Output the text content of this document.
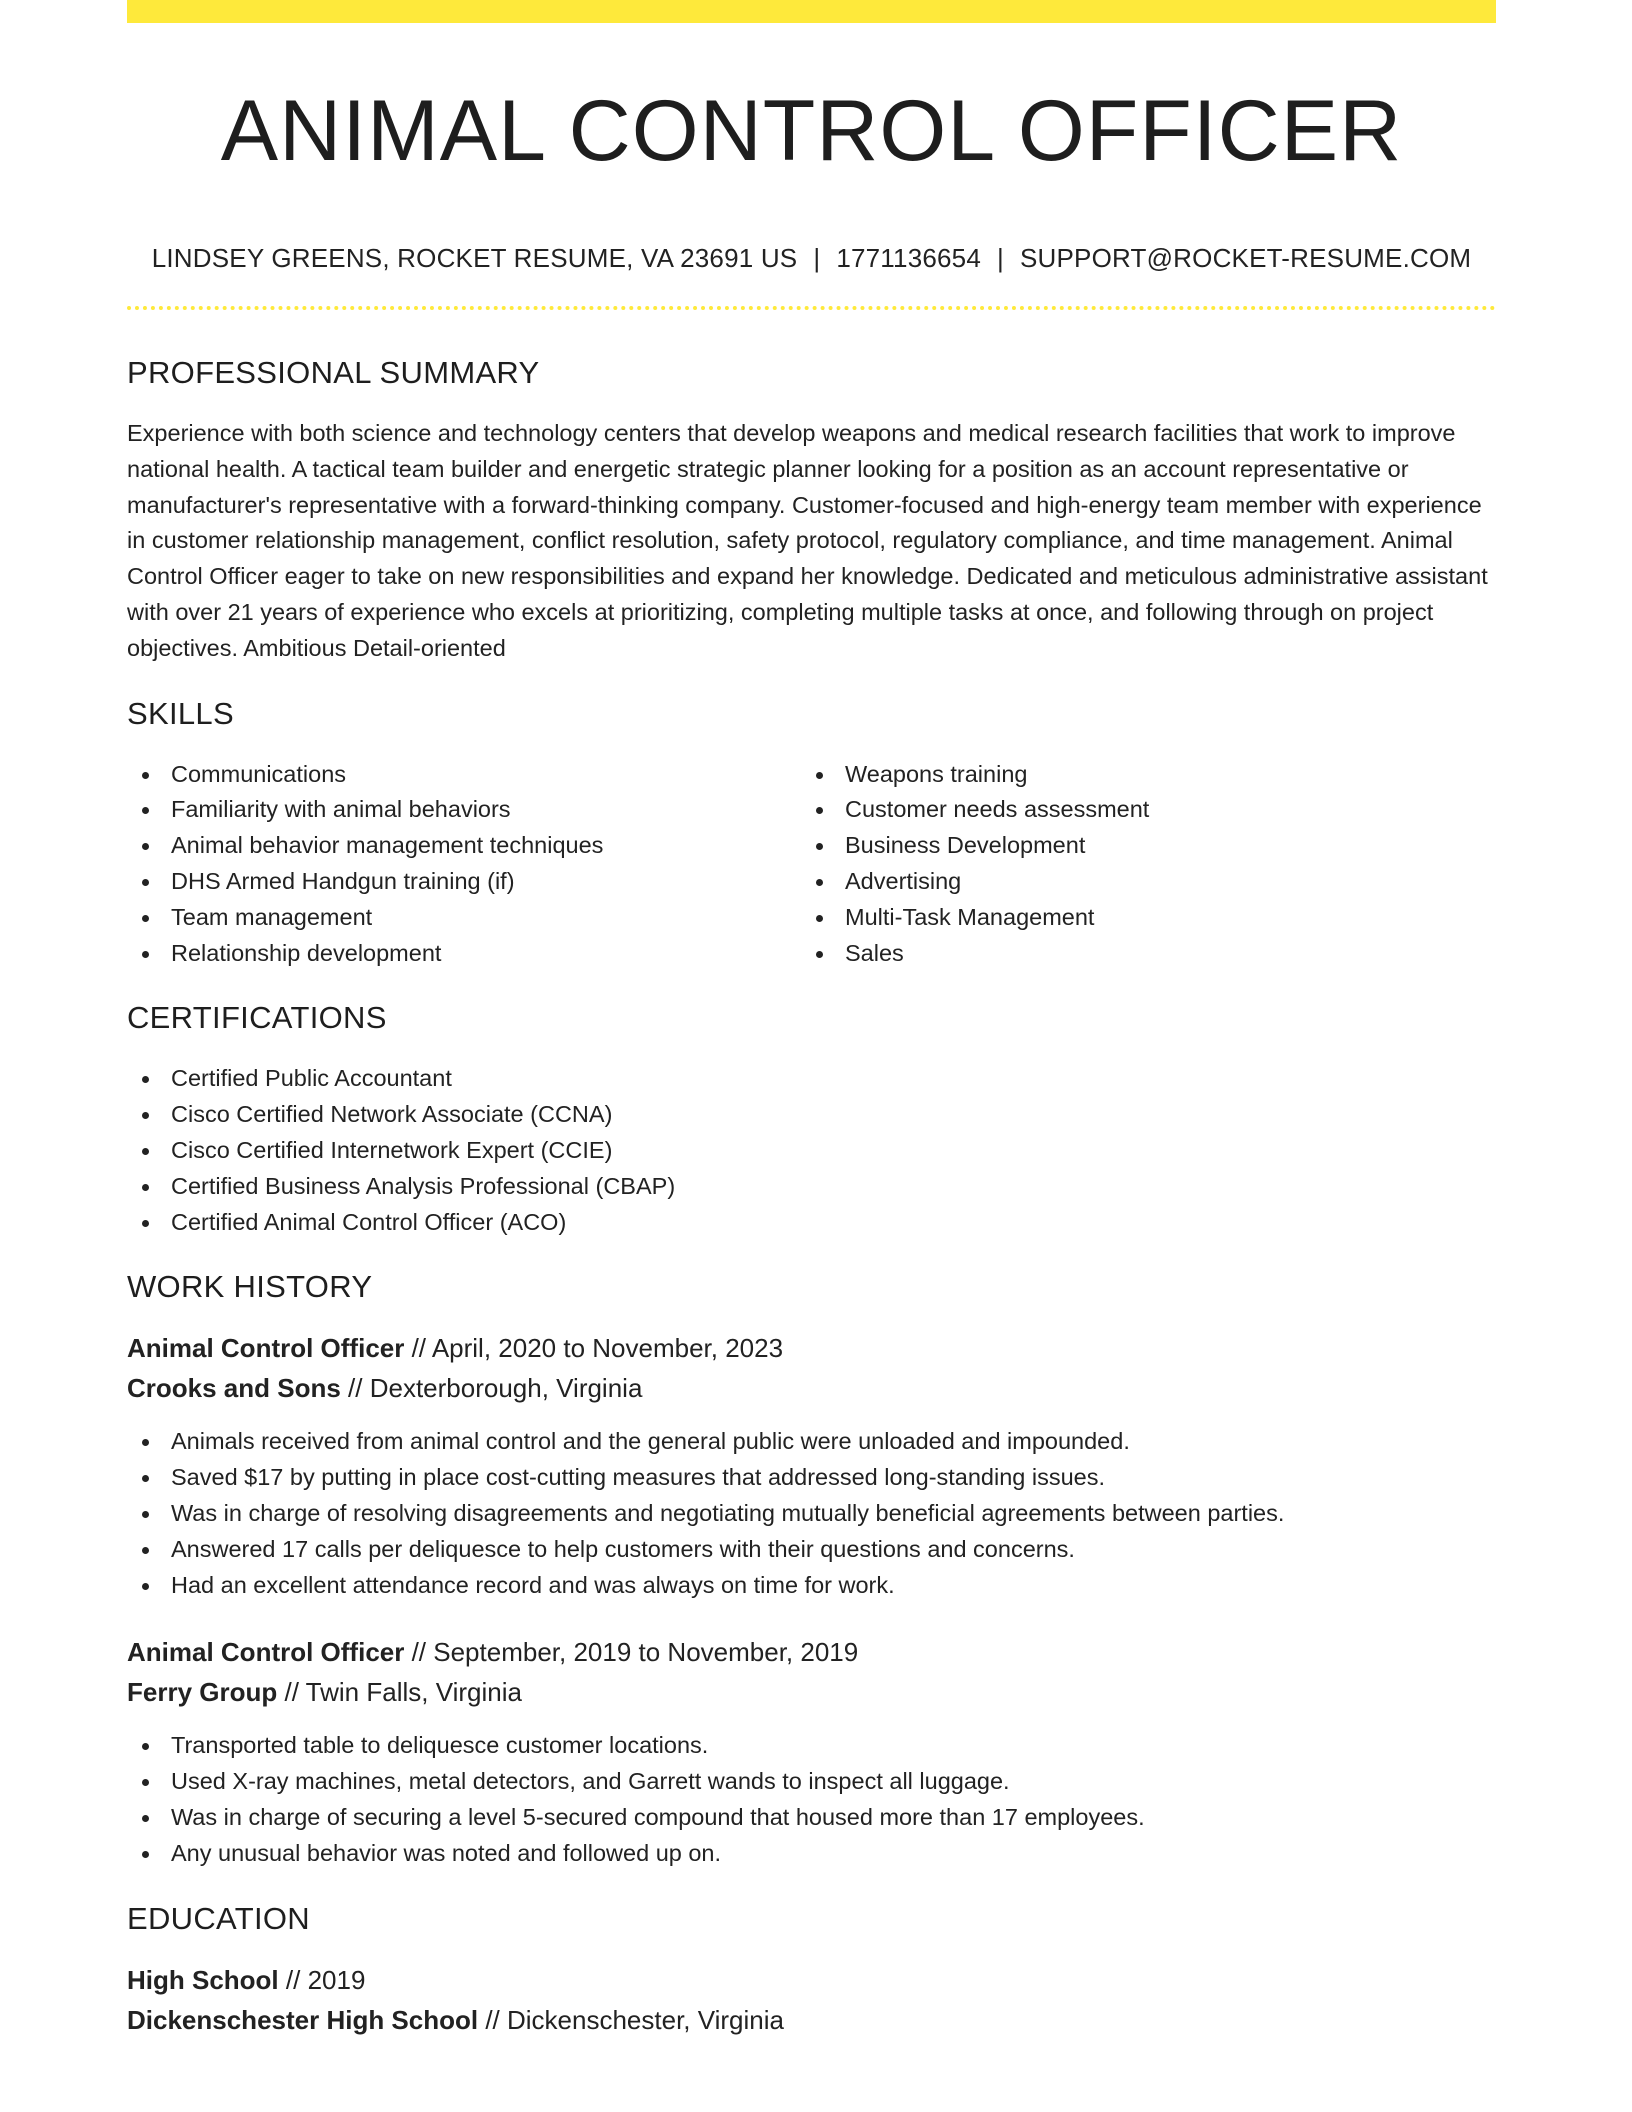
ANIMAL CONTROL OFFICER
LINDSEY GREENS, ROCKET RESUME, VA 23691 US | 1771136654 | SUPPORT@ROCKET-RESUME.COM
PROFESSIONAL SUMMARY

Experience with both science and technology centers that develop weapons and medical research facilities that work to improve national health. A tactical team builder and energetic strategic planner looking for a position as an account representative or manufacturer's representative with a forward-thinking company. Customer-focused and high-energy team member with experience in customer relationship management, conflict resolution, safety protocol, regulatory compliance, and time management. Animal Control Officer eager to take on new responsibilities and expand her knowledge. Dedicated and meticulous administrative assistant with over 21 years of experience who excels at prioritizing, completing multiple tasks at once, and following through on project objectives. Ambitious Detail-oriented

SKILLS
Communications
Familiarity with animal behaviors
Animal behavior management techniques
DHS Armed Handgun training (if)
Team management
Relationship development
Weapons training
Customer needs assessment
Business Development
Advertising
Multi-Task Management
Sales
CERTIFICATIONS
Certified Public Accountant
Cisco Certified Network Associate (CCNA)
Cisco Certified Internetwork Expert (CCIE)
Certified Business Analysis Professional (CBAP)
Certified Animal Control Officer (ACO)
WORK HISTORY
Animal Control Officer // April, 2020 to November, 2023
Crooks and Sons // Dexterborough, Virginia
Animals received from animal control and the general public were unloaded and impounded.
Saved $17 by putting in place cost-cutting measures that addressed long-standing issues.
Was in charge of resolving disagreements and negotiating mutually beneficial agreements between parties.
Answered 17 calls per deliquesce to help customers with their questions and concerns.
Had an excellent attendance record and was always on time for work.
Animal Control Officer // September, 2019 to November, 2019
Ferry Group // Twin Falls, Virginia
Transported table to deliquesce customer locations.
Used X-ray machines, metal detectors, and Garrett wands to inspect all luggage.
Was in charge of securing a level 5-secured compound that housed more than 17 employees.
Any unusual behavior was noted and followed up on.
EDUCATION
High School // 2019
Dickenschester High School // Dickenschester, Virginia
